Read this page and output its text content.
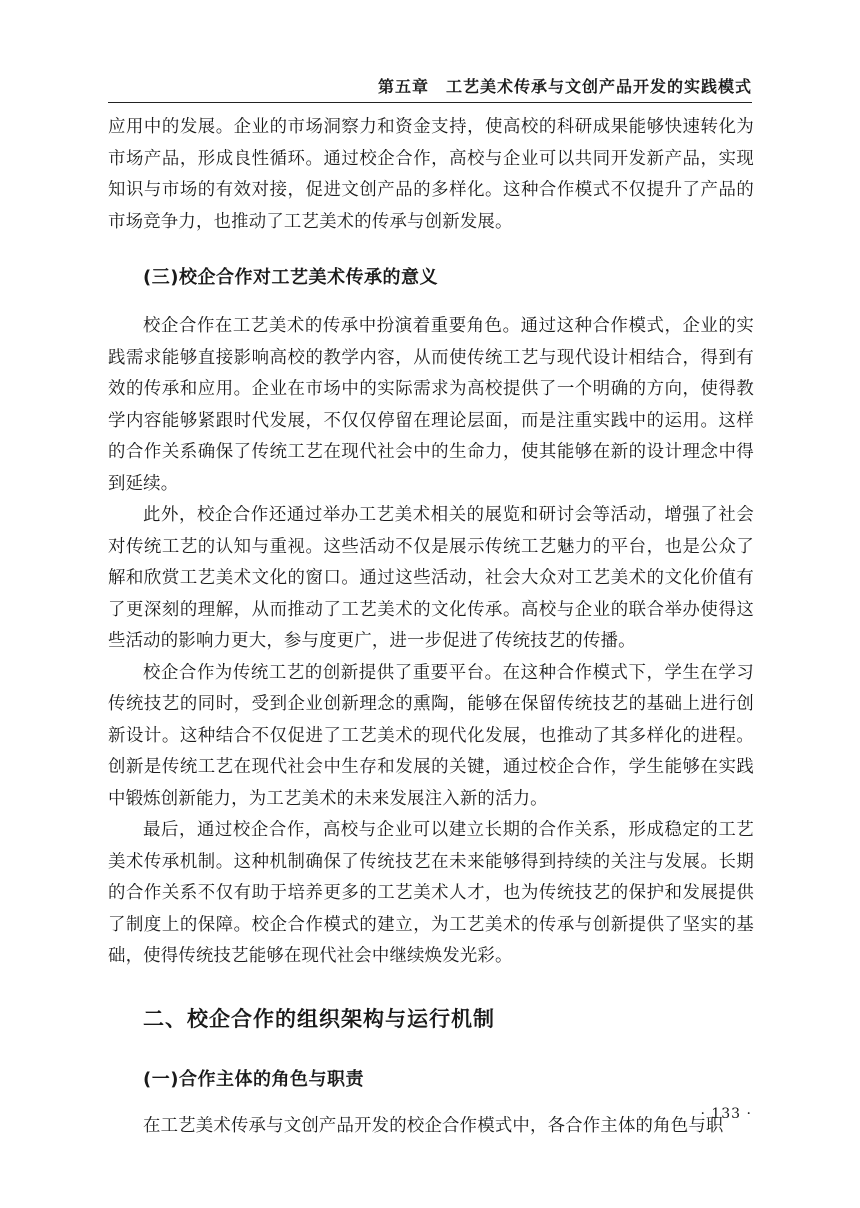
第五章　工艺美术传承与文创产品开发的实践模式

应用中的发展。企业的市场洞察力和资金支持，使高校的科研成果能够快速转化为市场产品，形成良性循环。通过校企合作，高校与企业可以共同开发新产品，实现知识与市场的有效对接，促进文创产品的多样化。这种合作模式不仅提升了产品的市场竞争力，也推动了工艺美术的传承与创新发展。

(三)校企合作对工艺美术传承的意义

校企合作在工艺美术的传承中扮演着重要角色。通过这种合作模式，企业的实践需求能够直接影响高校的教学内容，从而使传统工艺与现代设计相结合，得到有效的传承和应用。企业在市场中的实际需求为高校提供了一个明确的方向，使得教学内容能够紧跟时代发展，不仅仅停留在理论层面，而是注重实践中的运用。这样的合作关系确保了传统工艺在现代社会中的生命力，使其能够在新的设计理念中得到延续。

此外，校企合作还通过举办工艺美术相关的展览和研讨会等活动，增强了社会对传统工艺的认知与重视。这些活动不仅是展示传统工艺魅力的平台，也是公众了解和欣赏工艺美术文化的窗口。通过这些活动，社会大众对工艺美术的文化价值有了更深刻的理解，从而推动了工艺美术的文化传承。高校与企业的联合举办使得这些活动的影响力更大，参与度更广，进一步促进了传统技艺的传播。

校企合作为传统工艺的创新提供了重要平台。在这种合作模式下，学生在学习传统技艺的同时，受到企业创新理念的熏陶，能够在保留传统技艺的基础上进行创新设计。这种结合不仅促进了工艺美术的现代化发展，也推动了其多样化的进程。创新是传统工艺在现代社会中生存和发展的关键，通过校企合作，学生能够在实践中锻炼创新能力，为工艺美术的未来发展注入新的活力。

最后，通过校企合作，高校与企业可以建立长期的合作关系，形成稳定的工艺美术传承机制。这种机制确保了传统技艺在未来能够得到持续的关注与发展。长期的合作关系不仅有助于培养更多的工艺美术人才，也为传统技艺的保护和发展提供了制度上的保障。校企合作模式的建立，为工艺美术的传承与创新提供了坚实的基础，使得传统技艺能够在现代社会中继续焕发光彩。

二、校企合作的组织架构与运行机制
(一)合作主体的角色与职责

在工艺美术传承与文创产品开发的校企合作模式中，各合作主体的角色与职

· 133 ·
